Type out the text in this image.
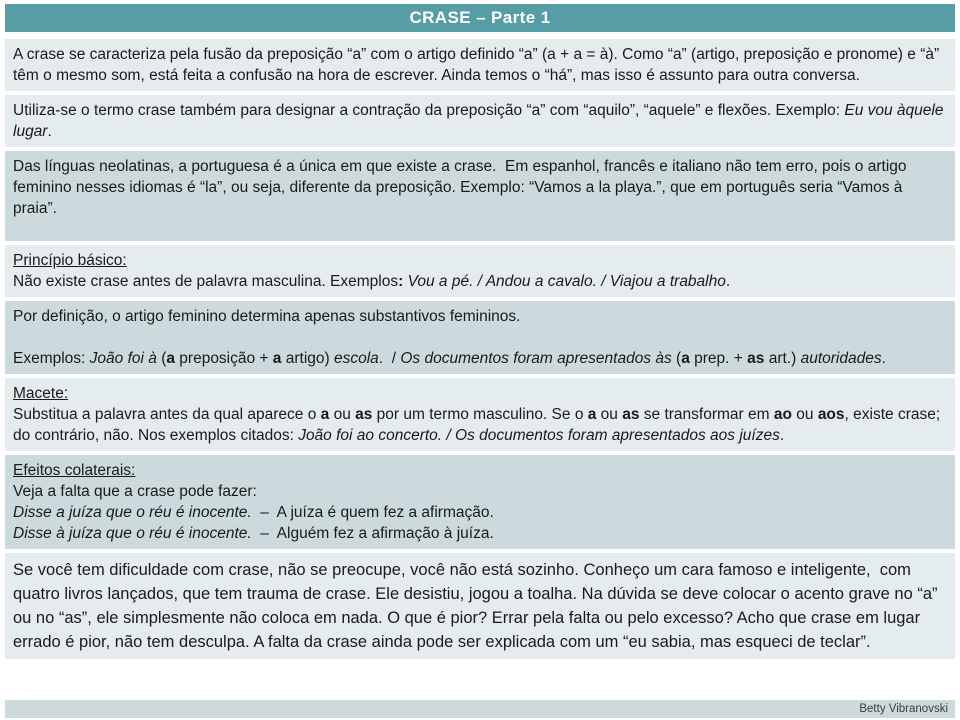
CRASE – Parte 1

A crase se caracteriza pela fusão da preposição “a” com o artigo definido “a” (a + a = à). Como “a” (artigo, preposição e pronome) e “à” têm o mesmo som, está feita a confusão na hora de escrever. Ainda temos o “há”, mas isso é assunto para outra conversa.

Utiliza-se o termo crase também para designar a contração da preposição “a” com “aquilo”, “aquele” e flexões. Exemplo: Eu vou àquele lugar.

Das línguas neolatinas, a portuguesa é a única em que existe a crase.  Em espanhol, francês e italiano não tem erro, pois o artigo feminino nesses idiomas é “la”, ou seja, diferente da preposição. Exemplo: “Vamos a la playa.”, que em português seria “Vamos à praia”.

Princípio básico:

Não existe crase antes de palavra masculina. Exemplos: Vou a pé. / Andou a cavalo. / Viajou a trabalho.

Por definição, o artigo feminino determina apenas substantivos femininos.

Exemplos: João foi à (a preposição + a artigo) escola.  / Os documentos foram apresentados às (a prep. + as art.) autoridades.

Macete:

Substitua a palavra antes da qual aparece o a ou as por um termo masculino. Se o a ou as se transformar em ao ou aos, existe crase; do contrário, não. Nos exemplos citados: João foi ao concerto. / Os documentos foram apresentados aos juízes.

Efeitos colaterais:

Veja a falta que a crase pode fazer:

Disse a juíza que o réu é inocente.  –  A juíza é quem fez a afirmação.

Disse à juíza que o réu é inocente.  –  Alguém fez a afirmação à juíza.

Se você tem dificuldade com crase, não se preocupe, você não está sozinho. Conheço um cara famoso e inteligente,  com quatro livros lançados, que tem trauma de crase. Ele desistiu, jogou a toalha. Na dúvida se deve colocar o acento grave no “a” ou no “as”, ele simplesmente não coloca em nada. O que é pior? Errar pela falta ou pelo excesso? Acho que crase em lugar errado é pior, não tem desculpa. A falta da crase ainda pode ser explicada com um “eu sabia, mas esqueci de teclar”.

Betty Vibranovski
